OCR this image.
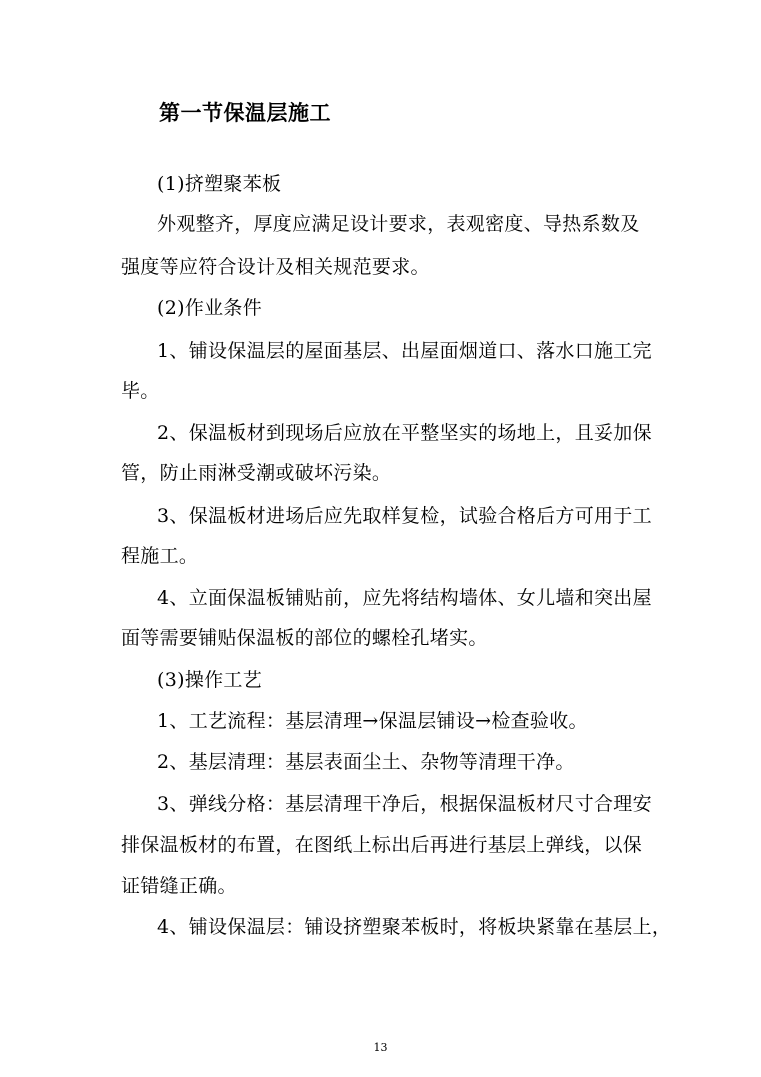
第一节保温层施工
(1)挤塑聚苯板
外观整齐，厚度应满足设计要求，表观密度、导热系数及
强度等应符合设计及相关规范要求。
(2)作业条件
1、铺设保温层的屋面基层、出屋面烟道口、落水口施工完
毕。
2、保温板材到现场后应放在平整坚实的场地上，且妥加保
管，防止雨淋受潮或破坏污染。
3、保温板材进场后应先取样复检，试验合格后方可用于工
程施工。
4、立面保温板铺贴前，应先将结构墙体、女儿墙和突出屋
面等需要铺贴保温板的部位的螺栓孔堵实。
(3)操作工艺
1、工艺流程：基层清理→保温层铺设→检查验收。
2、基层清理：基层表面尘土、杂物等清理干净。
3、弹线分格：基层清理干净后，根据保温板材尺寸合理安
排保温板材的布置，在图纸上标出后再进行基层上弹线，以保
证错缝正确。
4、铺设保温层：铺设挤塑聚苯板时，将板块紧靠在基层上，
13
